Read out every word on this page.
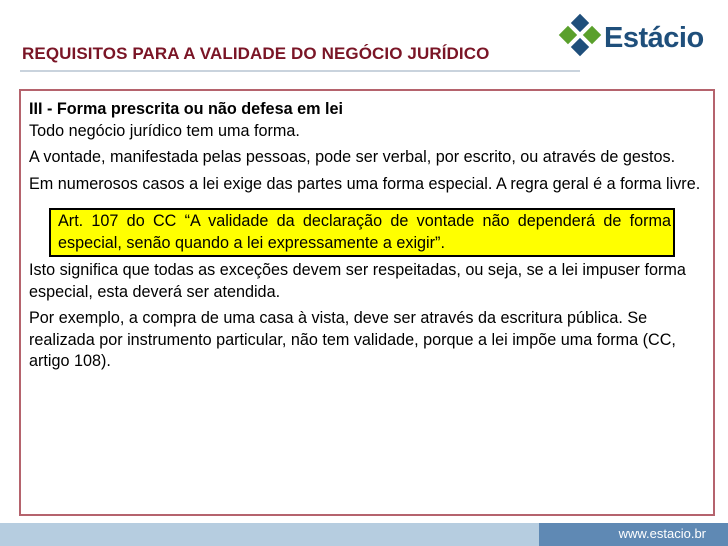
REQUISITOS PARA A VALIDADE DO NEGÓCIO JURÍDICO	Estácio

III - Forma prescrita ou não defesa em lei

Todo negócio jurídico tem uma forma.

A vontade, manifestada pelas pessoas, pode ser verbal, por escrito, ou através de gestos.

Em numerosos casos a lei exige das partes uma forma especial. A regra geral é a forma livre.

Art. 107 do CC “A validade da declaração de vontade não dependerá de forma especial, senão quando a lei expressamente a exigir”.

Isto significa que todas as exceções devem ser respeitadas, ou seja, se a lei impuser forma especial, esta deverá ser atendida.

Por exemplo, a compra de uma casa à vista, deve ser através da escritura pública. Se realizada por instrumento particular, não tem validade, porque a lei impõe uma forma (CC, artigo 108).

www.estacio.br
